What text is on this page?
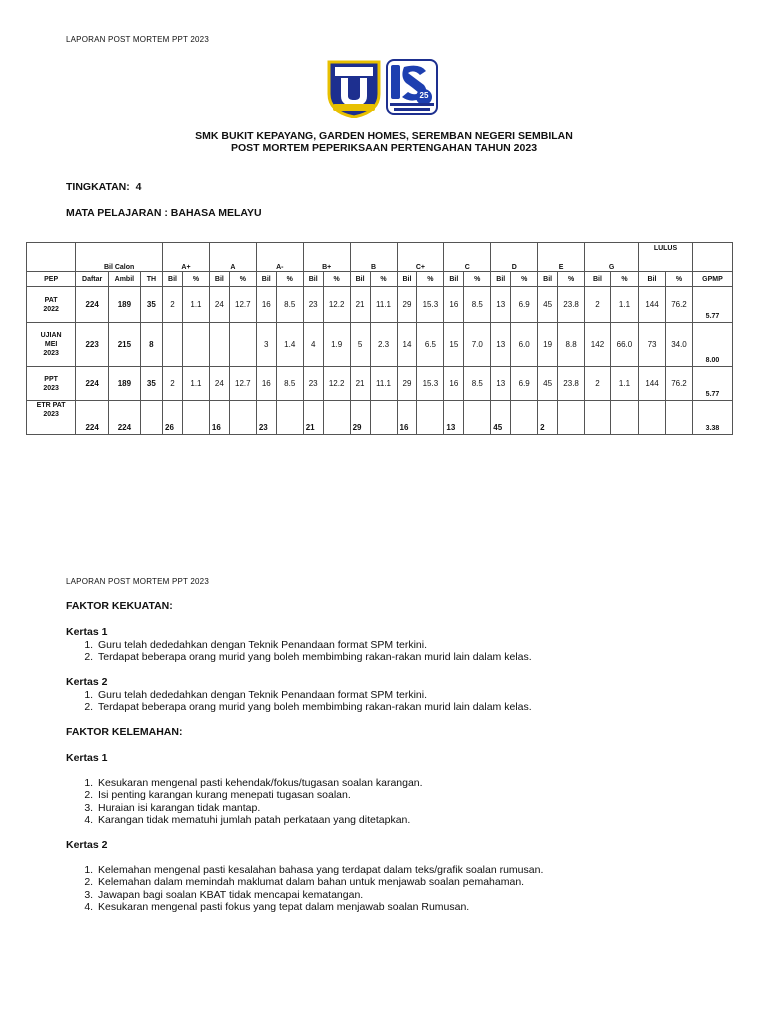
LAPORAN POST MORTEM PPT 2023
25
SMK BUKIT KEPAYANG, GARDEN HOMES, SEREMBAN NEGERI SEMBILAN
POST MORTEM PEPERIKSAAN PERTENGAHAN TAHUN 2023
TINGKATAN: 4
MATA PELAJARAN : BAHASA MELAYU
	Bil Calon			A+		A		A-		B+		B		C+		C		D		E		G		LULUS		
PEP	Daftar	Ambil	TH	Bil	%	Bil	%	Bil	%	Bil	%	Bil	%	Bil	%	Bil	%	Bil	%	Bil	%	Bil	%	Bil	%	GPMP

PAT
2022	224	189	35	2	1.1	24	12.7	16	8.5	23	12.2	21	11.1	29	15.3	16	8.5	13	6.9	45	23.8	2	1.1	144	76.2	5.77

UJIAN
MEI
2023	223	215	8					3	1.4	4	1.9	5	2.3	14	6.5	15	7.0	13	6.0	19	8.8	142	66.0	73	34.0	8.00

PPT
2023	224	189	35	2	1.1	24	12.7	16	8.5	23	12.2	21	11.1	29	15.3	16	8.5	13	6.9	45	23.8	2	1.1	144	76.2	5.77

ETR PAT
2023	224	224		26		16		23		21		29		16		13		45		2						3.38
LAPORAN POST MORTEM PPT 2023
FAKTOR KEKUATAN:
Kertas 1
1. Guru telah dededahkan dengan Teknik Penandaan format SPM terkini.
2. Terdapat beberapa orang murid yang boleh membimbing rakan-rakan murid lain dalam kelas.
Kertas 2
1. Guru telah dededahkan dengan Teknik Penandaan format SPM terkini.
2. Terdapat beberapa orang murid yang boleh membimbing rakan-rakan murid lain dalam kelas.
FAKTOR KELEMAHAN:
Kertas 1
1. Kesukaran mengenal pasti kehendak/fokus/tugasan soalan karangan.
2. Isi penting karangan kurang menepati tugasan soalan.
3. Huraian isi karangan tidak mantap.
4. Karangan tidak mematuhi jumlah patah perkataan yang ditetapkan.
Kertas 2
1. Kelemahan mengenal pasti kesalahan bahasa yang terdapat dalam teks/grafik soalan rumusan.
2. Kelemahan dalam memindah maklumat dalam bahan untuk menjawab soalan pemahaman.
3. Jawapan bagi soalan KBAT tidak mencapai kematangan.
4. Kesukaran mengenal pasti fokus yang tepat dalam menjawab soalan Rumusan.
